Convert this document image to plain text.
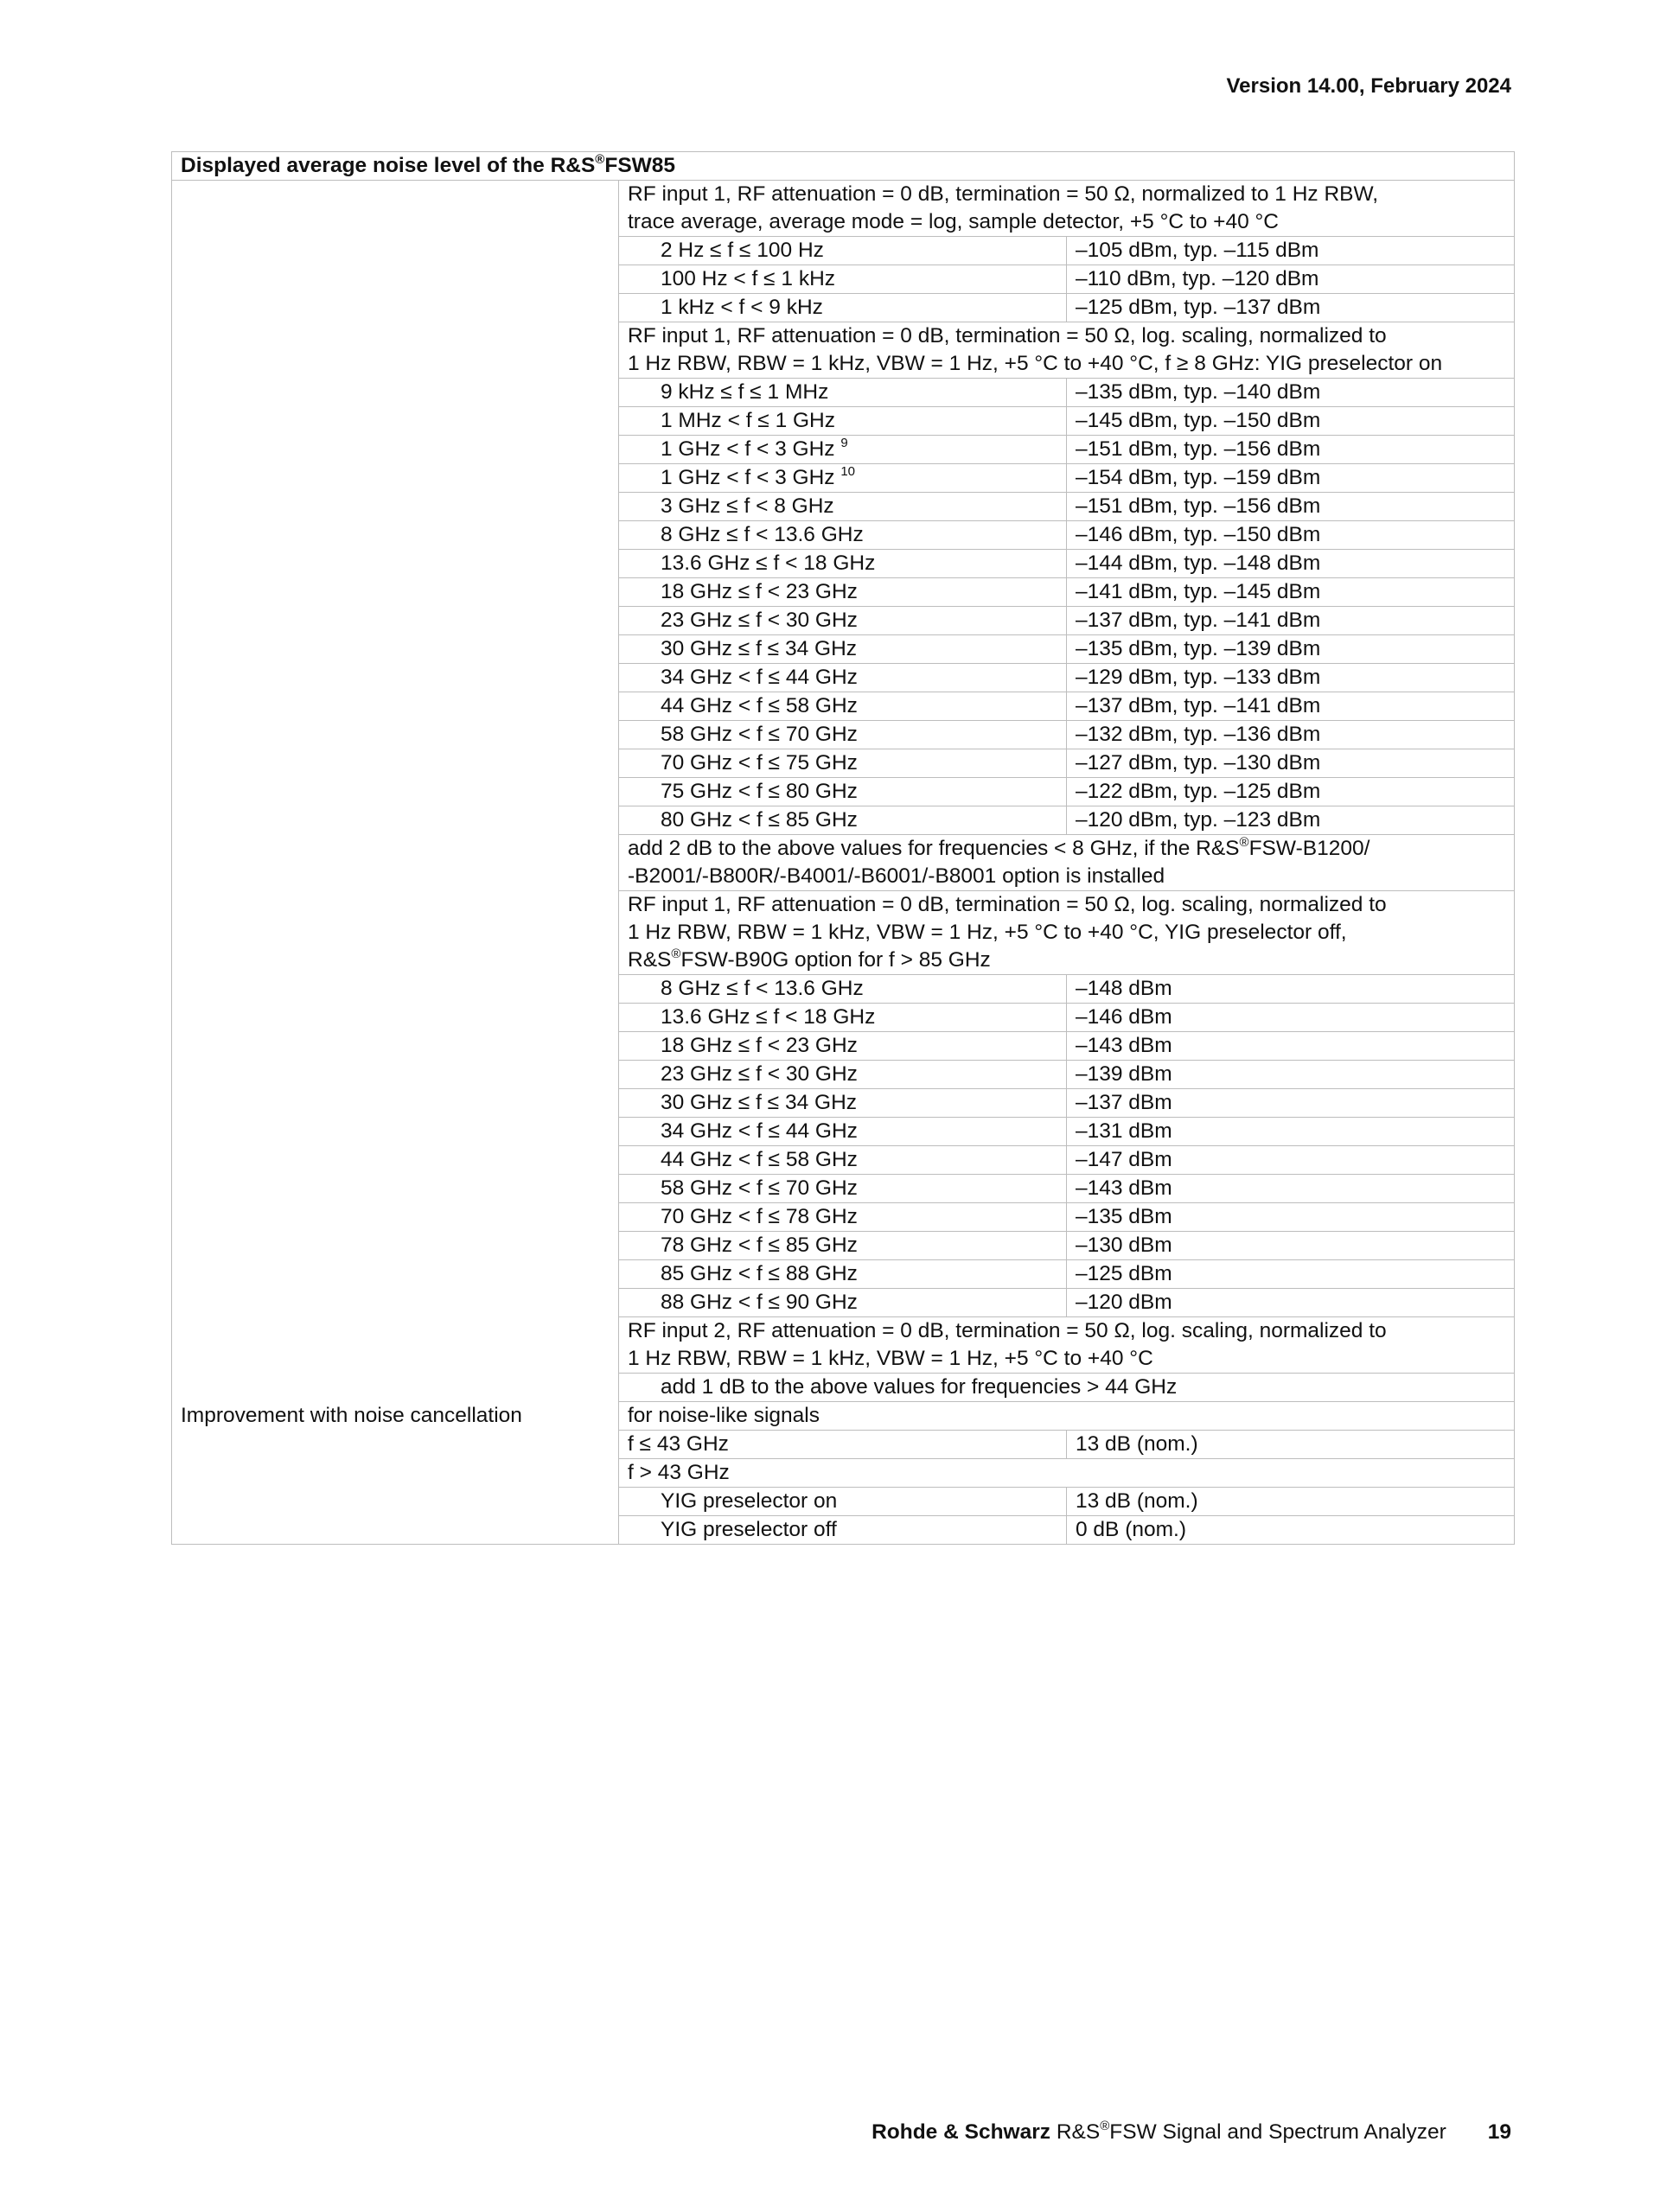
Version 14.00, February 2024
Displayed average noise level of the R&S®FSW85		

	RF input 1, RF attenuation = 0 dB, termination = 50 Ω, normalized to 1 Hz RBW,
trace average, average mode = log, sample detector, +5 °C to +40 °C	

	2 Hz ≤ f ≤ 100 Hz	–105 dBm, typ. –115 dBm
	100 Hz < f ≤ 1 kHz	–110 dBm, typ. –120 dBm
	1 kHz < f < 9 kHz	–125 dBm, typ. –137 dBm

	RF input 1, RF attenuation = 0 dB, termination = 50 Ω, log. scaling, normalized to
1 Hz RBW, RBW = 1 kHz, VBW = 1 Hz, +5 °C to +40 °C, f ≥ 8 GHz: YIG preselector on	

	9 kHz ≤ f ≤ 1 MHz	–135 dBm, typ. –140 dBm
	1 MHz < f ≤ 1 GHz	–145 dBm, typ. –150 dBm
	1 GHz < f < 3 GHz $^9$	–151 dBm, typ. –156 dBm
	1 GHz < f < 3 GHz $^{10}$	–154 dBm, typ. –159 dBm
	3 GHz ≤ f < 8 GHz	–151 dBm, typ. –156 dBm
	8 GHz ≤ f < 13.6 GHz	–146 dBm, typ. –150 dBm
	13.6 GHz ≤ f < 18 GHz	–144 dBm, typ. –148 dBm
	18 GHz ≤ f < 23 GHz	–141 dBm, typ. –145 dBm
	23 GHz ≤ f < 30 GHz	–137 dBm, typ. –141 dBm
	30 GHz ≤ f ≤ 34 GHz	–135 dBm, typ. –139 dBm
	34 GHz < f ≤ 44 GHz	–129 dBm, typ. –133 dBm
	44 GHz < f ≤ 58 GHz	–137 dBm, typ. –141 dBm
	58 GHz < f ≤ 70 GHz	–132 dBm, typ. –136 dBm
	70 GHz < f ≤ 75 GHz	–127 dBm, typ. –130 dBm
	75 GHz < f ≤ 80 GHz	–122 dBm, typ. –125 dBm
	80 GHz < f ≤ 85 GHz	–120 dBm, typ. –123 dBm

	add 2 dB to the above values for frequencies < 8 GHz, if the R&S®FSW-B1200/
-B2001/-B800R/-B4001/-B6001/-B8001 option is installed	

	RF input 1, RF attenuation = 0 dB, termination = 50 Ω, log. scaling, normalized to
1 Hz RBW, RBW = 1 kHz, VBW = 1 Hz, +5 °C to +40 °C, YIG preselector off,
R&S®FSW-B90G option for f > 85 GHz	

	8 GHz ≤ f < 13.6 GHz	–148 dBm
	13.6 GHz ≤ f < 18 GHz	–146 dBm
	18 GHz ≤ f < 23 GHz	–143 dBm
	23 GHz ≤ f < 30 GHz	–139 dBm
	30 GHz ≤ f ≤ 34 GHz	–137 dBm
	34 GHz < f ≤ 44 GHz	–131 dBm
	44 GHz < f ≤ 58 GHz	–147 dBm
	58 GHz < f ≤ 70 GHz	–143 dBm
	70 GHz < f ≤ 78 GHz	–135 dBm
	78 GHz < f ≤ 85 GHz	–130 dBm
	85 GHz < f ≤ 88 GHz	–125 dBm
	88 GHz < f ≤ 90 GHz	–120 dBm

	RF input 2, RF attenuation = 0 dB, termination = 50 Ω, log. scaling, normalized to
1 Hz RBW, RBW = 1 kHz, VBW = 1 Hz, +5 °C to +40 °C	

	add 1 dB to the above values for frequencies > 44 GHz	
Improvement with noise cancellation	for noise-like signals	
	f ≤ 43 GHz	13 dB (nom.)
	f > 43 GHz	
	YIG preselector on	13 dB (nom.)
	YIG preselector off	0 dB (nom.)
Rohde & Schwarz R&S®FSW Signal and Spectrum Analyzer 19
